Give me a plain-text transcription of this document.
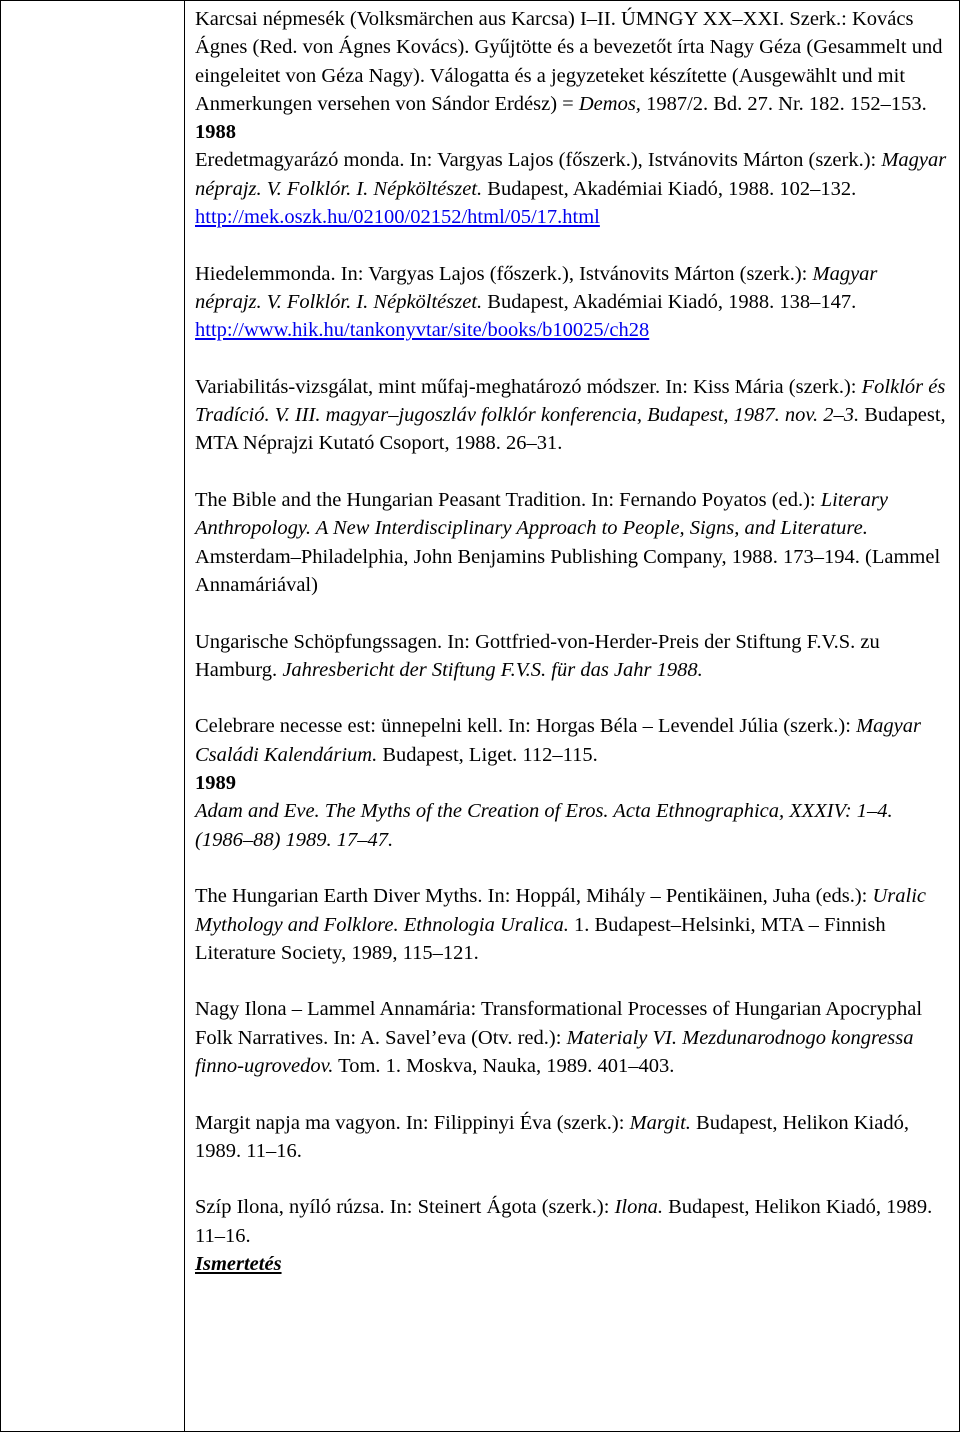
Karcsai népmesék (Volksmärchen aus Karcsa) I–II. ÚMNGY XX–XXI. Szerk.: Kovács Ágnes (Red. von Ágnes Kovács). Gyűjtötte és a bevezetőt írta Nagy Géza (Gesammelt und eingeleitet von Géza Nagy). Válogatta és a jegyzeteket készítette (Ausgewählt und mit Anmerkungen versehen von Sándor Erdész) = Demos, 1987/2. Bd. 27. Nr. 182. 152–153.
1988
Eredetmagyarázó monda. In: Vargyas Lajos (főszerk.), Istvánovits Márton (szerk.): Magyar néprajz. V. Folklór. I. Népköltészet. Budapest, Akadémiai Kiadó, 1988. 102–132. http://mek.oszk.hu/02100/02152/html/05/17.html
Hiedelemmonda. In: Vargyas Lajos (főszerk.), Istvánovits Márton (szerk.): Magyar néprajz. V. Folklór. I. Népköltészet. Budapest, Akadémiai Kiadó, 1988. 138–147. http://www.hik.hu/tankonyvtar/site/books/b10025/ch28
Variabilitás-vizsgálat, mint műfaj-meghatározó módszer. In: Kiss Mária (szerk.): Folklór és Tradíció. V. III. magyar–jugoszláv folklór konferencia, Budapest, 1987. nov. 2–3. Budapest, MTA Néprajzi Kutató Csoport, 1988. 26–31.
The Bible and the Hungarian Peasant Tradition. In: Fernando Poyatos (ed.): Literary Anthropology. A New Interdisciplinary Approach to People, Signs, and Literature. Amsterdam–Philadelphia, John Benjamins Publishing Company, 1988. 173–194. (Lammel Annamáriával)
Ungarische Schöpfungssagen. In: Gottfried-von-Herder-Preis der Stiftung F.V.S. zu Hamburg. Jahresbericht der Stiftung F.V.S. für das Jahr 1988.
Celebrare necesse est: ünnepelni kell. In: Horgas Béla – Levendel Júlia (szerk.): Magyar Családi Kalendárium. Budapest, Liget. 112–115.
1989
Adam and Eve. The Myths of the Creation of Eros. Acta Ethnographica, XXXIV: 1–4. (1986–88) 1989. 17–47.
The Hungarian Earth Diver Myths. In: Hoppál, Mihály – Pentikäinen, Juha (eds.): Uralic Mythology and Folklore. Ethnologia Uralica. 1. Budapest–Helsinki, MTA – Finnish Literature Society, 1989, 115–121.
Nagy Ilona – Lammel Annamária: Transformational Processes of Hungarian Apocryphal Folk Narratives. In: A. Savel’eva (Otv. red.): Materialy VI. Mezdunarodnogo kongressa finno-ugrovedov. Tom. 1. Moskva, Nauka, 1989. 401–403.
Margit napja ma vagyon. In: Filippinyi Éva (szerk.): Margit. Budapest, Helikon Kiadó, 1989. 11–16.
Szíp Ilona, nyíló rúzsa. In: Steinert Ágota (szerk.): Ilona. Budapest, Helikon Kiadó, 1989. 11–16.
Ismertetés
